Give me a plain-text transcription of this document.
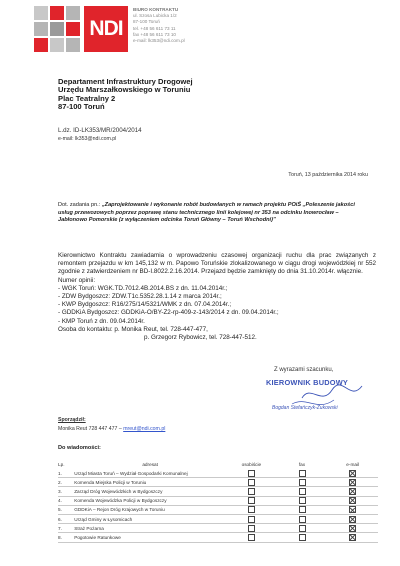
NDI
BIURO KONTRAKTU
ul. Szosa Lubicka 1/2
87-100 Toruń
tel. +48 56 611 73 11
fax +48 56 611 73 10
e-mail: lk353@ndi.com.pl
Departament Infrastruktury Drogowej
Urzędu Marszałkowskiego w Toruniu
Plac Teatralny 2
87-100 Toruń
L.dz. ID-LK353/MR/2004/2014
e-mail: lk353@ndi.com.pl
Toruń, 13 października 2014 roku
Dot. zadania pn.: „Zaprojektowanie i wykonanie robót budowlanych w ramach projektu POiŚ „Poleszenie jakości usług przewozowych poprzez poprawę stanu technicznego linii kolejowej nr 353 na odcinku Inowrocław – Jabłonowo Pomorskie (z wyłączeniem odcinka Toruń Główny – Toruń Wschodni)”

Kierownictwo Kontraktu zawiadamia o wprowadzeniu czasowej organizacji ruchu dla prac związanych z remontem przejazdu w km 145,132 w m. Papowo Toruńskie zlokalizowanego w ciągu drogi wojewódzkiej nr 552 zgodnie z zatwierdzeniem nr BD-I.8022.2.16.2014. Przejazd będzie zamknięty do dnia 31.10.2014r. włącznie.

Numer opinii:

- WGK Toruń: WGK.TD.7012.4B.2014.BS z dn. 11.04.2014r.;

- ZDW Bydgoszcz: ZDW.T1c.5352.28.1.14 z marca 2014r.;

- KWP Bydgoszcz: R16/275/14/5321/WMK z dn. 07.04.2014r.;

- GDDKiA Bydgoszcz: GDDKiA-O/BY-Z2-rp-409-z-143/2014 z dn. 09.04.2014r.;

- KMP Toruń z dn. 09.04.2014r.

Osoba do kontaktu: p. Monika Reut, tel. 728-447-477,

p. Grzegorz Rybowicz, tel. 728-447-512.

Z wyrazami szacunku,
KIEROWNIK BUDOWY
Bogdan Stefańczyk-Żukowski
Sporządził:
Monika Reut 728 447 477 – mreut@ndi.com.pl
Do wiadomości:
Lp.	adresat	osobiście	fax	e-mail
1.	Urząd Miasta Toruń – Wydział Gospodarki Komunalnej			
2.	Komenda Miejska Policji w Toruniu			
3.	Zarząd Dróg Wojewódzkich w Bydgoszczy			
4.	Komenda Wojewódzka Policji w Bydgoszczy			
5.	GDDKiA – Rejon Dróg Krajowych w Toruniu			
6.	Urząd Gminy w Łysomicach			
7.	Straż Pożarna			
8.	Pogotowie Ratunkowe			
